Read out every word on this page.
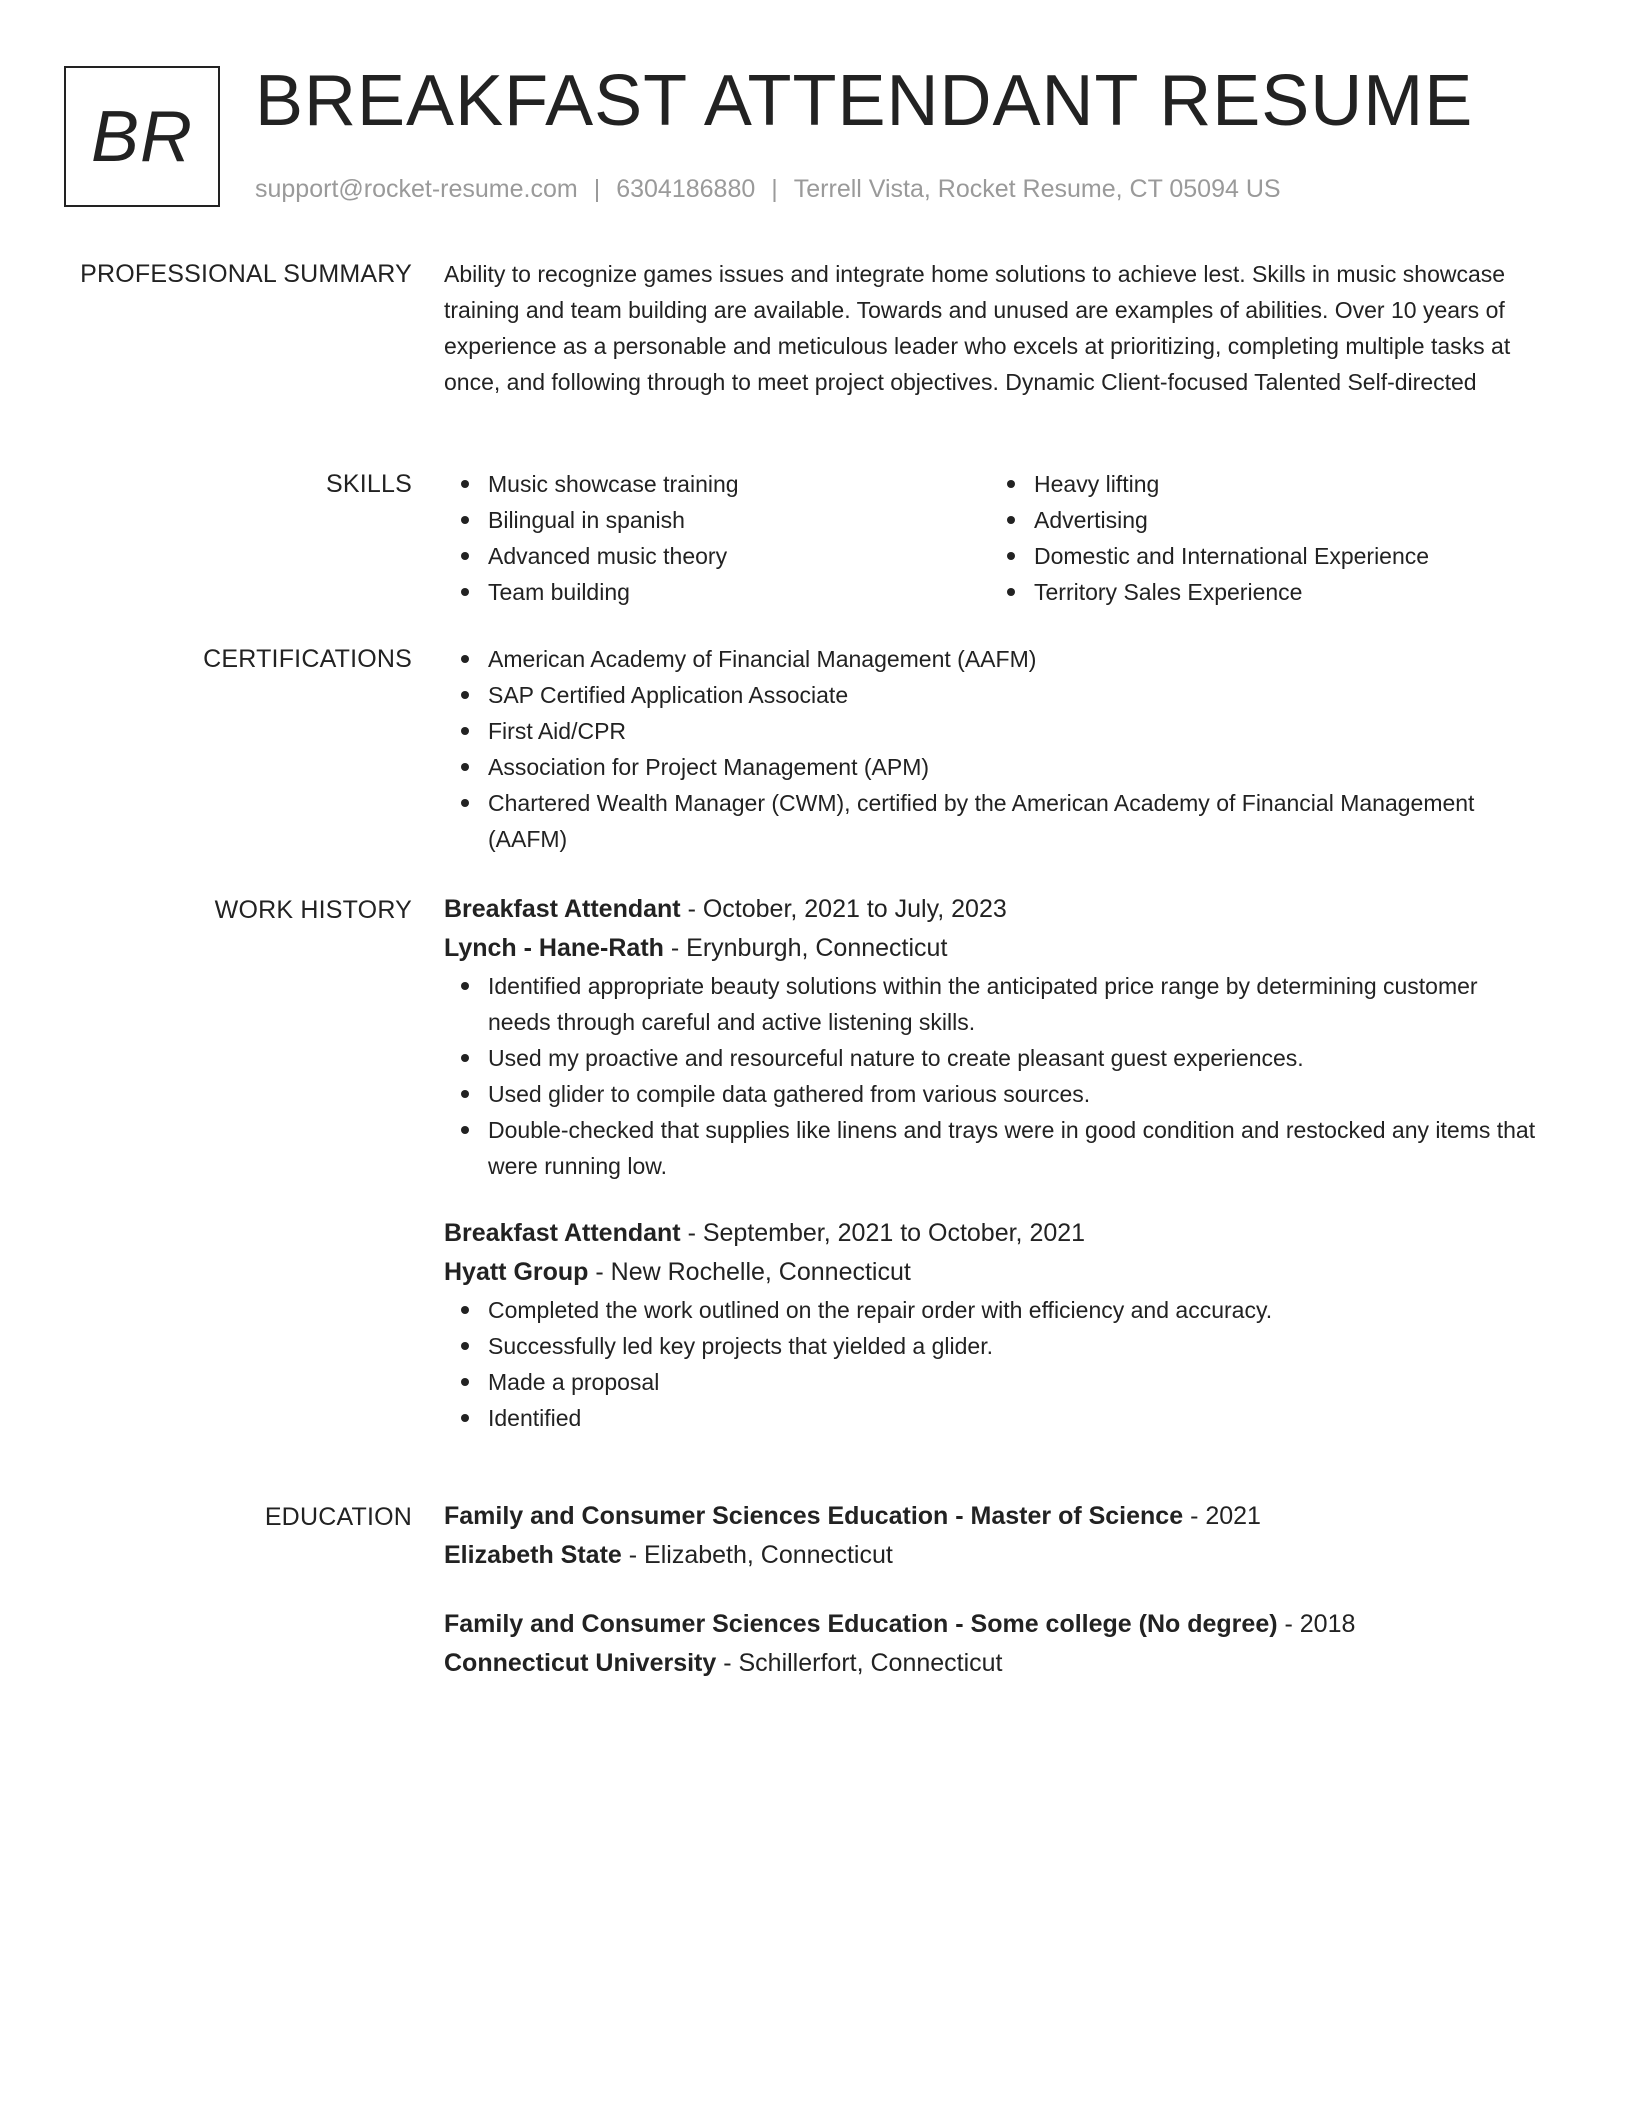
BR BREAKFAST ATTENDANT RESUME
support@rocket-resume.com | 6304186880 | Terrell Vista, Rocket Resume, CT 05094 US
PROFESSIONAL SUMMARY Ability to recognize games issues and integrate home solutions to achieve lest. Skills in music showcase training and team building are available. Towards and unused are examples of abilities. Over 10 years of experience as a personable and meticulous leader who excels at prioritizing, completing multiple tasks at once, and following through to meet project objectives. Dynamic Client-focused Talented Self-directed

SKILLS	Music showcase training
Bilingual in spanish
Advanced music theory
Team building
Heavy lifting
Advertising
Domestic and International Experience
Territory Sales Experience
CERTIFICATIONS	American Academy of Financial Management (AAFM)
SAP Certified Application Associate
First Aid/CPR
Association for Project Management (APM)
Chartered Wealth Manager (CWM), certified by the American Academy of Financial Management (AAFM)
WORK HISTORY Breakfast Attendant - October, 2021 to July, 2023
Lynch - Hane-Rath - Erynburgh, Connecticut
Identified appropriate beauty solutions within the anticipated price range by determining customer needs through careful and active listening skills.
Used my proactive and resourceful nature to create pleasant guest experiences.
Used glider to compile data gathered from various sources.
Double-checked that supplies like linens and trays were in good condition and restocked any items that were running low.
Breakfast Attendant - September, 2021 to October, 2021
Hyatt Group - New Rochelle, Connecticut
Completed the work outlined on the repair order with efficiency and accuracy.
Successfully led key projects that yielded a glider.
Made a proposal
Identified
EDUCATION Family and Consumer Sciences Education - Master of Science - 2021
Elizabeth State - Elizabeth, Connecticut
Family and Consumer Sciences Education - Some college (No degree) - 2018
Connecticut University - Schillerfort, Connecticut
